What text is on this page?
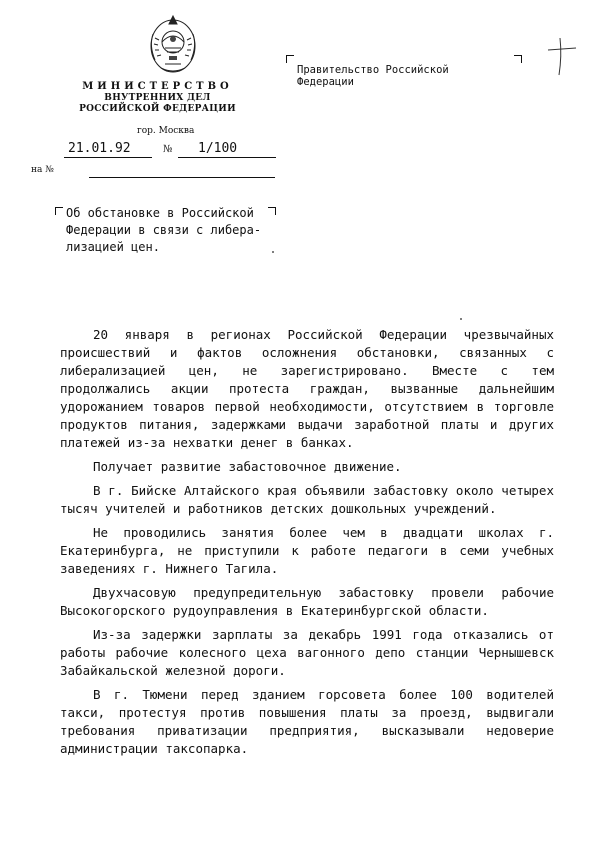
МИНИСТЕРСТВО
ВНУТРЕННИХ ДЕЛ
РОССИЙСКОЙ ФЕДЕРАЦИИ
гор. Москва
21.01.92	№	1/100
на №
Правительство Российской
Федерации
Об обстановке в Российской
Федерации в связи с либера-
лизацией цен.

20 января в регионах Российской Федерации чрезвычайных происшествий и фактов осложнения обстановки, связанных с либерализацией цен, не зарегистрировано. Вместе с тем продолжались акции протеста граждан, вызванные дальнейшим удорожанием товаров первой необходимости, отсутствием в торговле продуктов питания, задержками выдачи заработной платы и других платежей из-за нехватки денег в банках.

Получает развитие забастовочное движение.

В г. Бийске Алтайского края объявили забастовку около четырех тысяч учителей и работников детских дошкольных учреждений.

Не проводились занятия более чем в двадцати школах г. Екатеринбурга, не приступили к работе педагоги в семи учебных заведениях г. Нижнего Тагила.

Двухчасовую предупредительную забастовку провели рабочие Высокогорского рудоуправления в Екатеринбургской области.

Из-за задержки зарплаты за декабрь 1991 года отказались от работы рабочие колесного цеха вагонного депо станции Чернышевск Забайкальской железной дороги.

В г. Тюмени перед зданием горсовета более 100 водителей такси, протестуя против повышения платы за проезд, выдвигали требования приватизации предприятия, высказывали недоверие администрации таксопарка.
